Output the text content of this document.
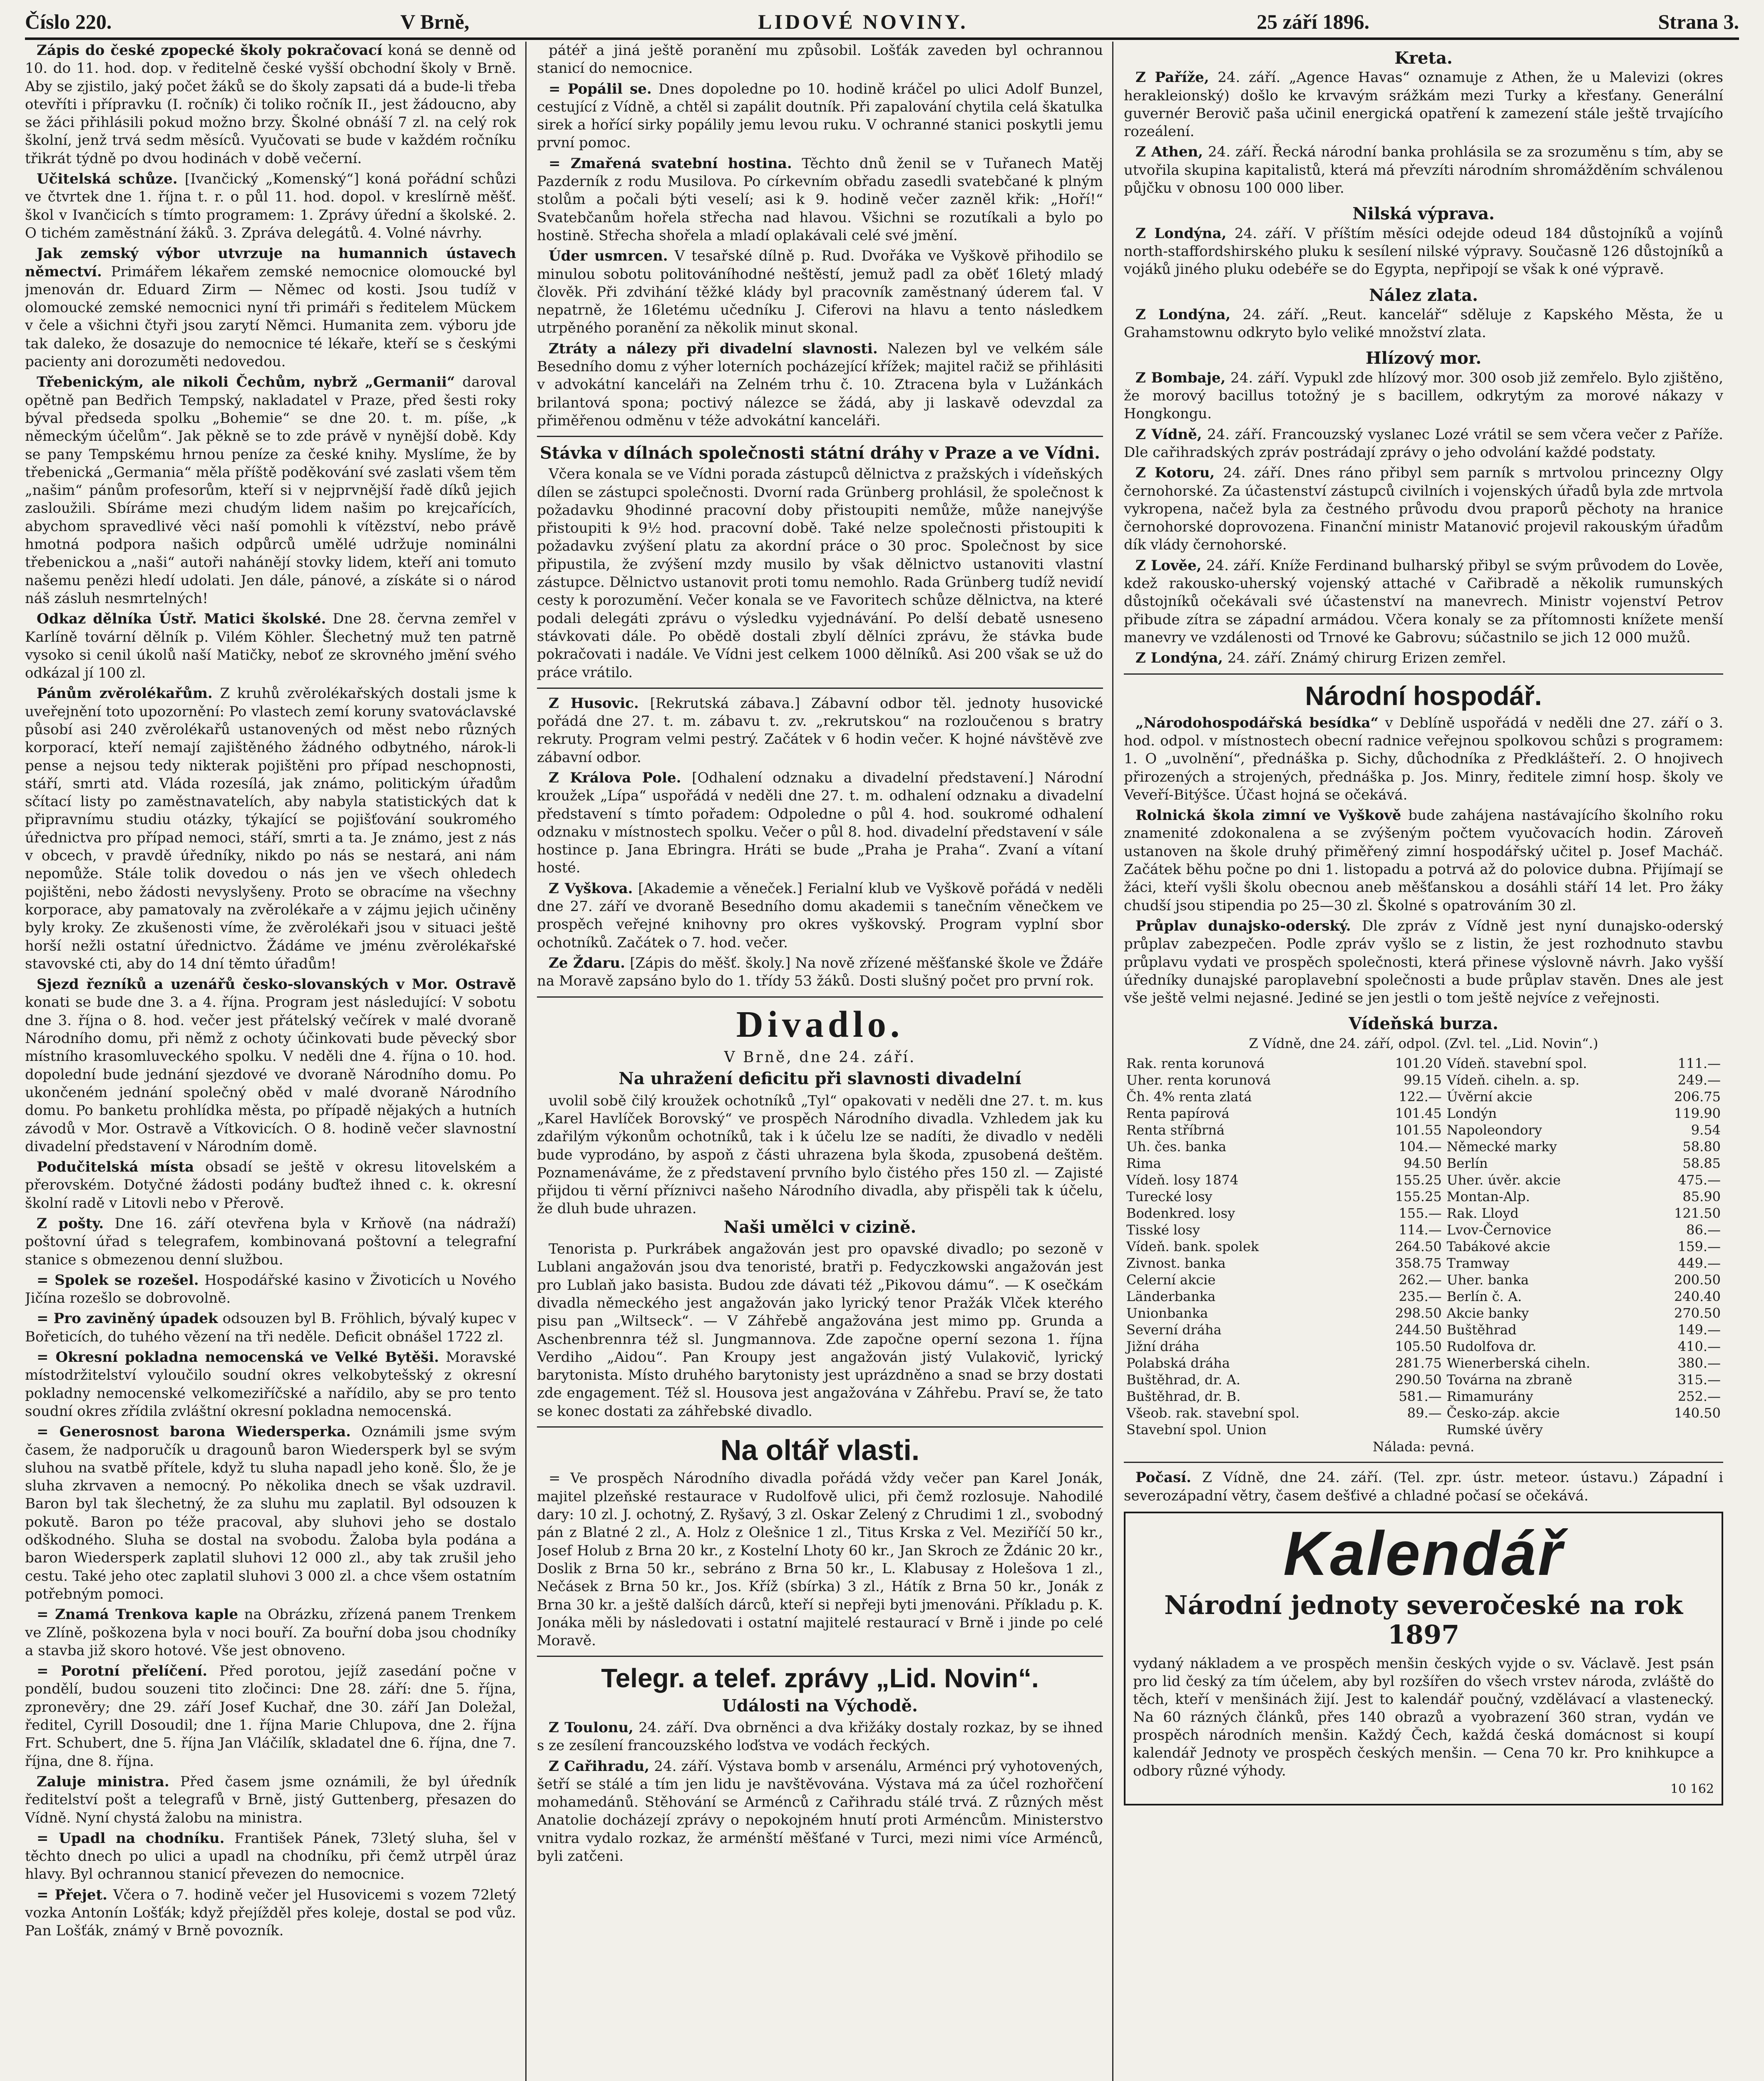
Číslo 220.	V Brně,	LIDOVÉ NOVINY.	25 září 1896.	Strana 3.

Zápis do české zpopecké školy pokračovací koná se denně od 10. do 11. hod. dop. v ředitelně české vyšší obchodní školy v Brně. Aby se zjistilo, jaký počet žáků se do školy zapsati dá a bude-li třeba otevříti i přípravku (I. ročník) či toliko ročník II., jest žádoucno, aby se žáci přihlásili pokud možno brzy. Školné obnáší 7 zl. na celý rok školní, jenž trvá sedm měsíců. Vyučovati se bude v každém ročníku třikrát týdně po dvou hodinách v době večerní.

Učitelská schůze. [Ivančický „Komenský“] koná pořádní schůzi ve čtvrtek dne 1. října t. r. o půl 11. hod. dopol. v kreslírně měšť. škol v Ivančicích s tímto programem: 1. Zprávy úřední a školské. 2. O tichém zaměstnání žáků. 3. Zpráva delegátů. 4. Volné návrhy.

Jak zemský výbor utvrzuje na humannich ústavech němectví. Primářem lékařem zemské nemocnice olomoucké byl jmenován dr. Eduard Zirm — Němec od kosti. Jsou tudíž v olomoucké zemské nemocnici nyní tři primáři s ředitelem Mückem v čele a všichni čtyři jsou zarytí Němci. Humanita zem. výboru jde tak daleko, že dosazuje do nemocnice té lékaře, kteří se s českými pacienty ani dorozuměti nedovedou.

Třebenickým, ale nikoli Čechům, nybrž „Germanii“ daroval opětně pan Bedřich Tempský, nakladatel v Praze, před šesti roky býval předseda spolku „Bohemie“ se dne 20. t. m. píše, „k německým účelům“. Jak pěkně se to zde právě v nynější době. Kdy se pany Tempskému hrnou peníze za české knihy. Myslíme, že by třebenická „Germania“ měla příště poděkování své zaslati všem těm „našim“ pánům profesorům, kteří si v nejprvnější řadě díků jejich zasloužili. Sbíráme mezi chudým lidem našim po krejcařících, abychom spravedlivé věci naší pomohli k vítězství, nebo právě hmotná podpora našich odpůrců umělé udržuje nominálni třebenickou a „naši“ autoři nahánějí stovky lidem, kteří ani tomuto našemu penězi hledí udolati. Jen dále, pánové, a získáte si o národ náš zásluh nesmrtelných!

Odkaz dělníka Ústř. Matici školské. Dne 28. června zemřel v Karlíně tovární dělník p. Vilém Köhler. Šlechetný muž ten patrně vysoko si cenil úkolů naší Matičky, neboť ze skrovného jmění svého odkázal jí 100 zl.

Pánům zvěrolékařům. Z kruhů zvěrolékařských dostali jsme k uveřejnění toto upozornění: Po vlastech zemí koruny svatováclavské působí asi 240 zvěrolékařů ustanovených od měst nebo různých korporací, kteří nemají zajištěného žádného odbytného, nárok-li pense a nejsou tedy nikterak pojištěni pro případ neschopnosti, stáří, smrti atd. Vláda rozesílá, jak známo, politickým úřadům sčítací listy po zaměstnavatelích, aby nabyla statistických dat k připravnímu studiu otázky, týkající se pojišťování soukromého úřednictva pro případ nemoci, stáří, smrti a ta. Je známo, jest z nás v obcech, v pravdě úředníky, nikdo po nás se nestará, ani nám nepomůže. Stále tolik dovedou o nás jen ve všech ohledech pojištěni, nebo žádosti nevyslyšeny. Proto se obracíme na všechny korporace, aby pamatovaly na zvěrolékaře a v zájmu jejich učiněny byly kroky. Ze zkušenosti víme, že zvěrolékaři jsou v situaci ještě horší nežli ostatní úřednictvo. Žádáme ve jménu zvěrolékařské stavovské cti, aby do 14 dní těmto úřadům!

Sjezd řezníků a uzenářů česko-slovanských v Mor. Ostravě konati se bude dne 3. a 4. října. Program jest následující: V sobotu dne 3. října o 8. hod. večer jest přátelský večírek v malé dvoraně Národního domu, při němž z ochoty účinkovati bude pěvecký sbor místního krasomluveckého spolku. V neděli dne 4. října o 10. hod. dopolední bude jednání sjezdové ve dvoraně Národního domu. Po ukončeném jednání společný oběd v malé dvoraně Národního domu. Po banketu prohlídka města, po případě nějakých a hutních závodů v Mor. Ostravě a Vítkovicích. O 8. hodině večer slavnostní divadelní představení v Národním domě.

Podučitelská místa obsadí se ještě v okresu litovelském a přerovském. Dotyčné žádosti podány buďtež ihned c. k. okresní školní radě v Litovli nebo v Přerově.

Z pošty. Dne 16. září otevřena byla v Krňově (na nádraží) poštovní úřad s telegrafem, kombinovaná poštovní a telegrafní stanice s obmezenou denní službou.

= Spolek se rozešel. Hospodářské kasino v Životicích u Nového Jičína rozešlo se dobrovolně.

= Pro zaviněný úpadek odsouzen byl B. Fröhlich, bývalý kupec v Bořeticích, do tuhého vězení na tři neděle. Deficit obnášel 1722 zl.

= Okresní pokladna nemocenská ve Velké Bytěši. Moravské místodržitelství vyloučilo soudní okres velkobytešský z okresní pokladny nemocenské velkomeziříčské a nařídilo, aby se pro tento soudní okres zřídila zvláštní okresní pokladna nemocenská.

= Generosnost barona Wiedersperka. Oznámili jsme svým časem, že nadporučík u dragounů baron Wiedersperk byl se svým sluhou na svatbě přítele, když tu sluha napadl jeho koně. Šlo, že je sluha zkrvaven a nemocný. Po několika dnech se však uzdravil. Baron byl tak šlechetný, že za sluhu mu zaplatil. Byl odsouzen k pokutě. Baron po téže pracoval, aby sluhovi jeho se dostalo odškodného. Sluha se dostal na svobodu. Žaloba byla podána a baron Wiedersperk zaplatil sluhovi 12 000 zl., aby tak zrušil jeho cestu. Také jeho otec zaplatil sluhovi 3 000 zl. a chce všem ostatním potřebným pomoci.

= Znamá Trenkova kaple na Obrázku, zřízená panem Trenkem ve Zlíně, poškozena byla v noci bouří. Za bouřní doba jsou chodníky a stavba již skoro hotové. Vše jest obnoveno.

= Porotní přelíčení. Před porotou, jejíž zasedání počne v pondělí, budou souzeni tito zločinci: Dne 28. září: dne 5. října, zpronevěry; dne 29. září Josef Kuchař, dne 30. září Jan Doležal, ředitel, Cyrill Dosoudil; dne 1. října Marie Chlupova, dne 2. října Frt. Schubert, dne 5. října Jan Vláčilík, skladatel dne 6. října, dne 7. října, dne 8. října.

Zaluje ministra. Před časem jsme oznámili, že byl úředník ředitelství pošt a telegrafů v Brně, jistý Guttenberg, přesazen do Vídně. Nyní chystá žalobu na ministra.

= Upadl na chodníku. František Pánek, 73letý sluha, šel v těchto dnech po ulici a upadl na chodníku, při čemž utrpěl úraz hlavy. Byl ochrannou stanicí převezen do nemocnice.

= Přejet. Včera o 7. hodině večer jel Husovicemi s vozem 72letý vozka Antonín Lošťák; když přejížděl přes koleje, dostal se pod vůz. Pan Lošťák, známý v Brně povozník.

pátéř a jiná ještě poranění mu způsobil. Lošťák zaveden byl ochrannou stanicí do nemocnice.

= Popálil se. Dnes dopoledne po 10. hodině kráčel po ulici Adolf Bunzel, cestující z Vídně, a chtěl si zapálit doutník. Při zapalování chytila celá škatulka sirek a hořící sirky popálily jemu levou ruku. V ochranné stanici poskytli jemu první pomoc.

= Zmařená svatební hostina. Těchto dnů ženil se v Tuřanech Matěj Pazderník z rodu Musilova. Po církevním obřadu zasedli svatebčané k plným stolům a počali býti veselí; asi k 9. hodině večer zazněl křik: „Hoří!“ Svatebčanům hořela střecha nad hlavou. Všichni se rozutíkali a bylo po hostině. Střecha shořela a mladí oplakávali celé své jmění.

Úder usmrcen. V tesařské dílně p. Rud. Dvořáka ve Vyškově přihodilo se minulou sobotu politováníhodné neštěstí, jemuž padl za oběť 16letý mladý člověk. Při zdvihání těžké klády byl pracovník zaměstnaný úderem ťal. V nepatrně, že 16letému učedníku J. Ciferovi na hlavu a tento následkem utrpěného poranění za několik minut skonal.

Ztráty a nálezy při divadelní slavnosti. Nalezen byl ve velkém sále Besedního domu z výher loterních pocházející křížek; majitel račiž se přihlásiti v advokátní kanceláři na Zelném trhu č. 10. Ztracena byla v Lužánkách brilantová spona; poctivý nálezce se žádá, aby ji laskavě odevzdal za přiměřenou odměnu v téže advokátní kanceláři.

Stávka v dílnách společnosti státní dráhy v Praze a ve Vídni.

Včera konala se ve Vídni porada zástupců dělnictva z pražských i vídeňských dílen se zástupci společnosti. Dvorní rada Grünberg prohlásil, že společnost k požadavku 9hodinné pracovní doby přistoupiti nemůže, může nanejvýše přistoupiti k 9½ hod. pracovní době. Také nelze společnosti přistoupiti k požadavku zvýšení platu za akordní práce o 30 proc. Společnost by sice připustila, že zvýšení mzdy musilo by však dělnictvo ustanoviti vlastní zástupce. Dělnictvo ustanovit proti tomu nemohlo. Rada Grünberg tudíž nevidí cesty k porozumění. Večer konala se ve Favoritech schůze dělnictva, na které podali delegáti zprávu o výsledku vyjednávání. Po delší debatě usneseno stávkovati dále. Po obědě dostali zbylí dělníci zprávu, že stávka bude pokračovati i nadále. Ve Vídni jest celkem 1000 dělníků. Asi 200 však se už do práce vrátilo.

Z Husovic. [Rekrutská zábava.] Zábavní odbor těl. jednoty husovické pořádá dne 27. t. m. zábavu t. zv. „rekrutskou“ na rozloučenou s bratry rekruty. Program velmi pestrý. Začátek v 6 hodin večer. K hojné návštěvě zve zábavní odbor.

Z Králova Pole. [Odhalení odznaku a divadelní představení.] Národní kroužek „Lípa“ uspořádá v neděli dne 27. t. m. odhalení odznaku a divadelní představení s tímto pořadem: Odpoledne o půl 4. hod. soukromé odhalení odznaku v místnostech spolku. Večer o půl 8. hod. divadelní představení v sále hostince p. Jana Ebringra. Hráti se bude „Praha je Praha“. Zvaní a vítaní hosté.

Z Vyškova. [Akademie a věneček.] Ferialní klub ve Vyškově pořádá v neděli dne 27. září ve dvoraně Besedního domu akademii s tanečním věnečkem ve prospěch veřejné knihovny pro okres vyškovský. Program vyplní sbor ochotníků. Začátek o 7. hod. večer.

Ze Ždaru. [Zápis do měšť. školy.] Na nově zřízené měšťanské škole ve Ždáře na Moravě zapsáno bylo do 1. třídy 53 žáků. Dosti slušný počet pro první rok.

Divadlo.
V Brně, dne 24. září.
Na uhražení deficitu při slavnosti divadelní

uvolil sobě čilý kroužek ochotníků „Tyl“ opakovati v neděli dne 27. t. m. kus „Karel Havlíček Borovský“ ve prospěch Národního divadla. Vzhledem jak ku zdařilým výkonům ochotníků, tak i k účelu lze se nadíti, že divadlo v neděli bude vyprodáno, by aspoň z části uhrazena byla škoda, zpusobená deštěm. Poznamenáváme, že z představení prvního bylo čistého přes 150 zl. — Zajisté přijdou ti věrní příznivci našeho Národního divadla, aby přispěli tak k účelu, že dluh bude uhrazen.

Naši umělci v cizině.

Tenorista p. Purkrábek angažován jest pro opavské divadlo; po sezoně v Lublani angažován jsou dva tenoristé, bratři p. Fedyczkowski angažován jest pro Lublaň jako basista. Budou zde dávati též „Pikovou dámu“. — K osečkám divadla německého jest angažován jako lyrický tenor Pražák Vlček kterého pisu pan „Wiltseck“. — V Záhřebě angažována jest mimo pp. Grunda a Aschenbrennra též sl. Jungmannova. Zde započne operní sezona 1. října Verdiho „Aidou“. Pan Kroupy jest angažován jistý Vulakovič, lyrický barytonista. Místo druhého barytonisty jest uprázdněno a snad se brzy dostati zde engagement. Též sl. Housova jest angažována v Záhřebu. Praví se, že tato se konec dostati za záhřebské divadlo.

Na oltář vlasti.

= Ve prospěch Národního divadla pořádá vždy večer pan Karel Jonák, majitel plzeňské restaurace v Rudolfově ulici, při čemž rozlosuje. Nahodilé dary: 10 zl. J. ochotný, Z. Ryšavý, 3 zl. Oskar Zelený z Chrudimi 1 zl., svobodný pán z Blatné 2 zl., A. Holz z Olešnice 1 zl., Titus Krska z Vel. Meziříčí 50 kr., Josef Holub z Brna 20 kr., z Kostelní Lhoty 60 kr., Jan Skroch ze Ždánic 20 kr., Doslik z Brna 50 kr., sebráno z Brna 50 kr., L. Klabusay z Holešova 1 zl., Nečásek z Brna 50 kr., Jos. Kříž (sbírka) 3 zl., Hátík z Brna 50 kr., Jonák z Brna 30 kr. a ještě dalších dárců, kteří si nepřeji byti jmenováni. Příkladu p. K. Jonáka měli by následovati i ostatní majitelé restaurací v Brně i jinde po celé Moravě.

Telegr. a telef. zprávy „Lid. Novin“.
Události na Východě.

Z Toulonu, 24. září. Dva obrněnci a dva křižáky dostaly rozkaz, by se ihned s ze zesílení francouzského loďstva ve vodách řeckých.

Z Cařihradu, 24. září. Výstava bomb v arsenálu, Arménci prý vyhotovených, šetří se stálé a tím jen lidu je navštěvována. Výstava má za účel rozhořčení mohamedánů. Stěhování se Arménců z Cařihradu stálé trvá. Z různých měst Anatolie docházejí zprávy o nepokojném hnutí proti Arméncům. Ministerstvo vnitra vydalo rozkaz, že arménští měšťané v Turci, mezi nimi více Arménců, byli zatčeni.

Kreta.

Z Paříže, 24. září. „Agence Havas“ oznamuje z Athen, že u Malevizi (okres herakleionský) došlo ke krvavým srážkám mezi Turky a křesťany. Generální guvernér Berovič paša učinil energická opatření k zamezení stále ještě trvajícího rozeálení.

Z Athen, 24. září. Řecká národní banka prohlásila se za srozuměnu s tím, aby se utvořila skupina kapitalistů, která má převzíti národním shromážděním schválenou půjčku v obnosu 100 000 liber.

Nilská výprava.

Z Londýna, 24. září. V příštím měsíci odejde odeud 184 důstojníků a vojínů north-staffordshirského pluku k sesílení nilské výpravy. Současně 126 důstojníků a vojáků jiného pluku odebéře se do Egypta, nepřipojí se však k oné výpravě.

Nález zlata.

Z Londýna, 24. září. „Reut. kancelář“ sděluje z Kapského Města, že u Grahamstownu odkryto bylo veliké množství zlata.

Hlízový mor.

Z Bombaje, 24. září. Vypukl zde hlízový mor. 300 osob již zemřelo. Bylo zjištěno, že morový bacillus totožný je s bacillem, odkrytým za morové nákazy v Hongkongu.

Z Vídně, 24. září. Francouzský vyslanec Lozé vrátil se sem včera večer z Paříže. Dle cařihradských zpráv postrádají zprávy o jeho odvolání každé podstaty.

Z Kotoru, 24. září. Dnes ráno přibyl sem parník s mrtvolou princezny Olgy černohorské. Za účastenství zástupců civilních i vojenských úřadů byla zde mrtvola vykropena, načež byla za čestného průvodu dvou praporů pěchoty na hranice černohorské doprovozena. Finanční ministr Matanović projevil rakouským úřadům dík vlády černohorské.

Z Lověe, 24. září. Kníže Ferdinand bulharský přibyl se svým průvodem do Lověe, kdež rakousko-uherský vojenský attaché v Cařibradě a několik rumunských důstojníků očekávali své účastenství na manevrech. Ministr vojenství Petrov přibude zítra se západní armádou. Včera konaly se za přítomnosti knížete menší manevry ve vzdálenosti od Trnové ke Gabrovu; súčastnilo se jich 12 000 mužů.

Z Londýna, 24. září. Známý chirurg Erizen zemřel.

Národní hospodář.

„Národohospodářská besídka“ v Deblíně uspořádá v neděli dne 27. září o 3. hod. odpol. v místnostech obecní radnice veřejnou spolkovou schůzi s programem: 1. O „uvolnění“, přednáška p. Sichy, důchodníka z Předklášteří. 2. O hnojivech přirozených a strojených, přednáška p. Jos. Minry, ředitele zimní hosp. školy ve Veveří-Bitýšce. Účast hojná se očekává.

Rolnická škola zimní ve Vyškově bude zahájena nastávajícího školního roku znamenité zdokonalena a se zvýšeným počtem vyučovacích hodin. Zároveň ustanoven na škole druhý přiměřený zimní hospodářský učitel p. Josef Macháč. Začátek běhu počne po dni 1. listopadu a potrvá až do polovice dubna. Přijímají se žáci, kteří vyšli školu obecnou aneb měšťanskou a dosáhli stáří 14 let. Pro žáky chudší jsou stipendia po 25—30 zl. Školné s opatrováním 30 zl.

Průplav dunajsko-oderský. Dle zpráv z Vídně jest nyní dunajsko-oderský průplav zabezpečen. Podle zpráv vyšlo se z listin, že jest rozhodnuto stavbu průplavu vydati ve prospěch společnosti, která přinese výslovně návrh. Jako vyšší úředníky dunajské paroplavební společnosti a bude průplav stavěn. Dnes ale jest vše ještě velmi nejasné. Jediné se jen jestli o tom ještě nejvíce z veřejnosti.

Vídeňská burza.
Z Vídně, dne 24. září, odpol. (Zvl. tel. „Lid. Novin“.)
Rak. renta korunová	101.20	Vídeň. stavební spol.	111.—
Uher. renta korunová	99.15	Vídeň. ciheln. a. sp.	249.—
Čh. 4% renta zlatá	122.—	Úvěrní akcie	206.75
Renta papírová	101.45	Londýn	119.90
Renta stříbrná	101.55	Napoleondory	9.54
Uh. čes. banka	104.—	Německé marky	58.80
Rima	94.50	Berlín	58.85
Vídeň. losy 1874	155.25	Uher. úvěr. akcie	475.—
Turecké losy	155.25	Montan-Alp.	85.90
Bodenkred. losy	155.—	Rak. Lloyd	121.50
Tisské losy	114.—	Lvov-Černovice	86.—
Vídeň. bank. spolek	264.50	Tabákové akcie	159.—
Zivnost. banka	358.75	Tramway	449.—
Celerní akcie	262.—	Uher. banka	200.50
Länderbanka	235.—	Berlín č. A.	240.40
Unionbanka	298.50	Akcie banky	270.50
Severní dráha	244.50	Buštěhrad	149.—
Jižní dráha	105.50	Rudolfova dr.	410.—
Polabská dráha	281.75	Wienerberská ciheln.	380.—
Buštěhrad, dr. A.	290.50	Továrna na zbraně	315.—
Buštěhrad, dr. B.	581.—	Rimamurány	252.—
Všeob. rak. stavební spol.	89.—	Česko-záp. akcie	140.50
Stavební spol. Union		Rumské úvěry	
Nálada: pevná.

Počasí. Z Vídně, dne 24. září. (Tel. zpr. ústr. meteor. ústavu.) Západní i severozápadní větry, časem dešťivé a chladné počasí se očekává.

Kalendář
Národní jednoty severočeské na rok 1897
vydaný nákladem a ve prospěch menšin českých vyjde o sv. Václavě. Jest psán pro lid český za tím účelem, aby byl rozšířen do všech vrstev národa, zvláště do těch, kteří v menšinách žijí. Jest to kalendář poučný, vzdělávací a vlastenecký. Na 60 rázných článků, přes 140 obrazů a vyobrazení 360 stran, vydán ve prospěch národních menšin. Každý Čech, každá česká domácnost si koupí kalendář Jednoty ve prospěch českých menšin. — Cena 70 kr. Pro knihkupce a odbory různé výhody.
10 162
